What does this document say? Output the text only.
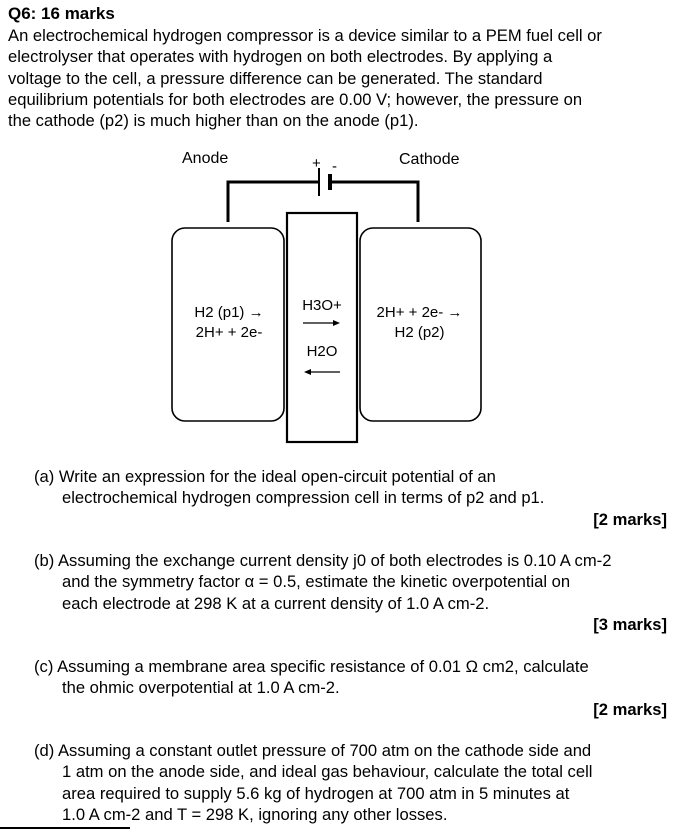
Q6: 16 marks

An electrochemical hydrogen compressor is a device similar to a PEM fuel cell or

electrolyser that operates with hydrogen on both electrodes. By applying a

voltage to the cell, a pressure difference can be generated. The standard

equilibrium potentials for both electrodes are 0.00 V; however, the pressure on

the cathode (p2) is much higher than on the anode (p1).

Anode	Cathode
+ -
H2 (p1) →
2H+ + 2e-
H3O+
H2O
2H+ + 2e- →
H2 (p2)

(a) Write an expression for the ideal open-circuit potential of an

electrochemical hydrogen compression cell in terms of p2 and p1.

[2 marks]

(b) Assuming the exchange current density j0 of both electrodes is 0.10 A cm-2

and the symmetry factor α = 0.5, estimate the kinetic overpotential on

each electrode at 298 K at a current density of 1.0 A cm-2.

[3 marks]

(c) Assuming a membrane area specific resistance of 0.01 Ω cm2, calculate

the ohmic overpotential at 1.0 A cm-2.

[2 marks]

(d) Assuming a constant outlet pressure of 700 atm on the cathode side and

1 atm on the anode side, and ideal gas behaviour, calculate the total cell

area required to supply 5.6 kg of hydrogen at 700 atm in 5 minutes at

1.0 A cm-2 and T = 298 K, ignoring any other losses.
